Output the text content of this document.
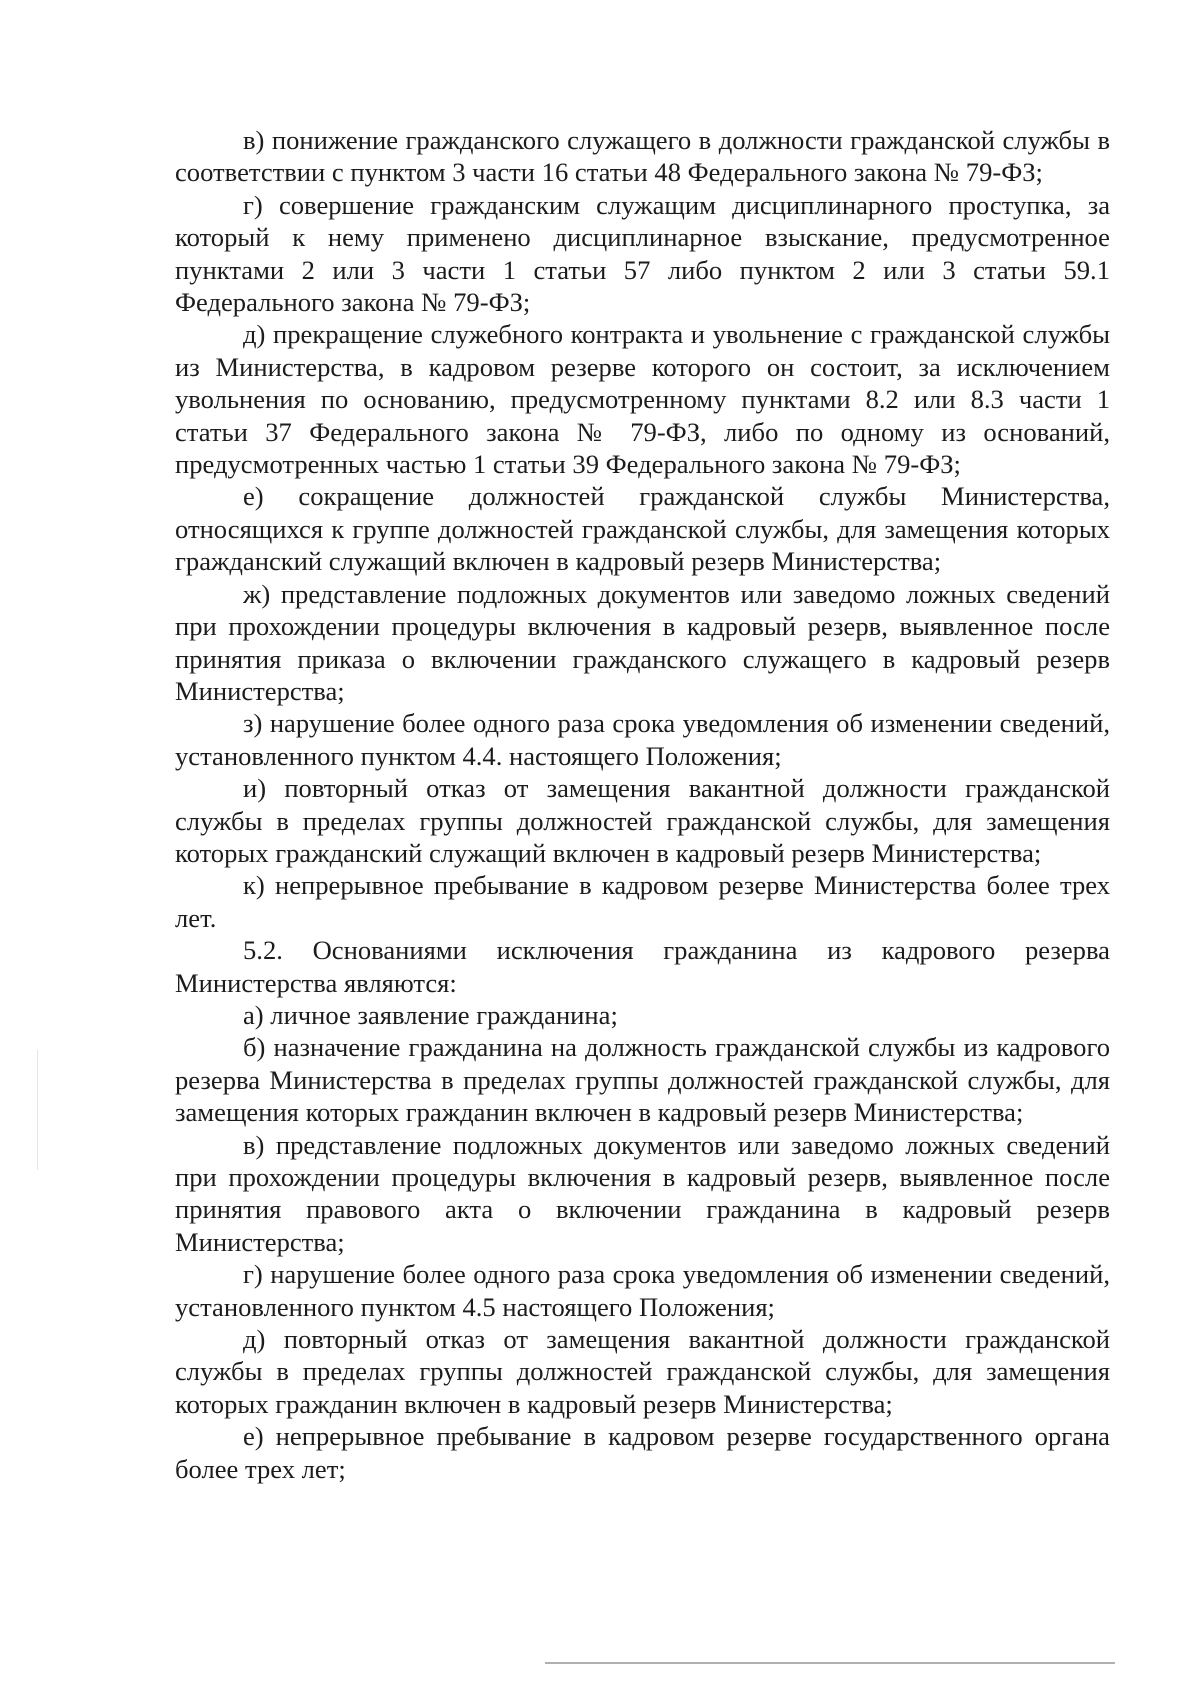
в) понижение гражданского служащего в должности гражданской службы в соответствии с пунктом 3 части 16 статьи 48 Федерального закона № 79-ФЗ;

г) совершение гражданским служащим дисциплинарного проступка, за который к нему применено дисциплинарное взыскание, предусмотренное пунктами 2 или 3 части 1 статьи 57 либо пунктом 2 или 3 статьи 59.1 Федерального закона № 79-ФЗ;

д) прекращение служебного контракта и увольнение с гражданской службы из Министерства, в кадровом резерве которого он состоит, за исключением увольнения по основанию, предусмотренному пунктами 8.2 или 8.3 части 1 статьи 37 Федерального закона № 79-ФЗ, либо по одному из оснований, предусмотренных частью 1 статьи 39 Федерального закона № 79-ФЗ;

е) сокращение должностей гражданской службы Министерства, относящихся к группе должностей гражданской службы, для замещения которых гражданский служащий включен в кадровый резерв Министерства;

ж) представление подложных документов или заведомо ложных сведений при прохождении процедуры включения в кадровый резерв, выявленное после принятия приказа о включении гражданского служащего в кадровый резерв Министерства;

з) нарушение более одного раза срока уведомления об изменении сведений, установленного пунктом 4.4. настоящего Положения;

и) повторный отказ от замещения вакантной должности гражданской службы в пределах группы должностей гражданской службы, для замещения которых гражданский служащий включен в кадровый резерв Министерства;

к) непрерывное пребывание в кадровом резерве Министерства более трех лет.

5.2. Основаниями исключения гражданина из кадрового резерва Министерства являются:

а) личное заявление гражданина;

б) назначение гражданина на должность гражданской службы из кадрового резерва Министерства в пределах группы должностей гражданской службы, для замещения которых гражданин включен в кадровый резерв Министерства;

в) представление подложных документов или заведомо ложных сведений при прохождении процедуры включения в кадровый резерв, выявленное после принятия правового акта о включении гражданина в кадровый резерв Министерства;

г) нарушение более одного раза срока уведомления об изменении сведений, установленного пунктом 4.5 настоящего Положения;

д) повторный отказ от замещения вакантной должности гражданской службы в пределах группы должностей гражданской службы, для замещения которых гражданин включен в кадровый резерв Министерства;

е) непрерывное пребывание в кадровом резерве государственного органа более трех лет;
